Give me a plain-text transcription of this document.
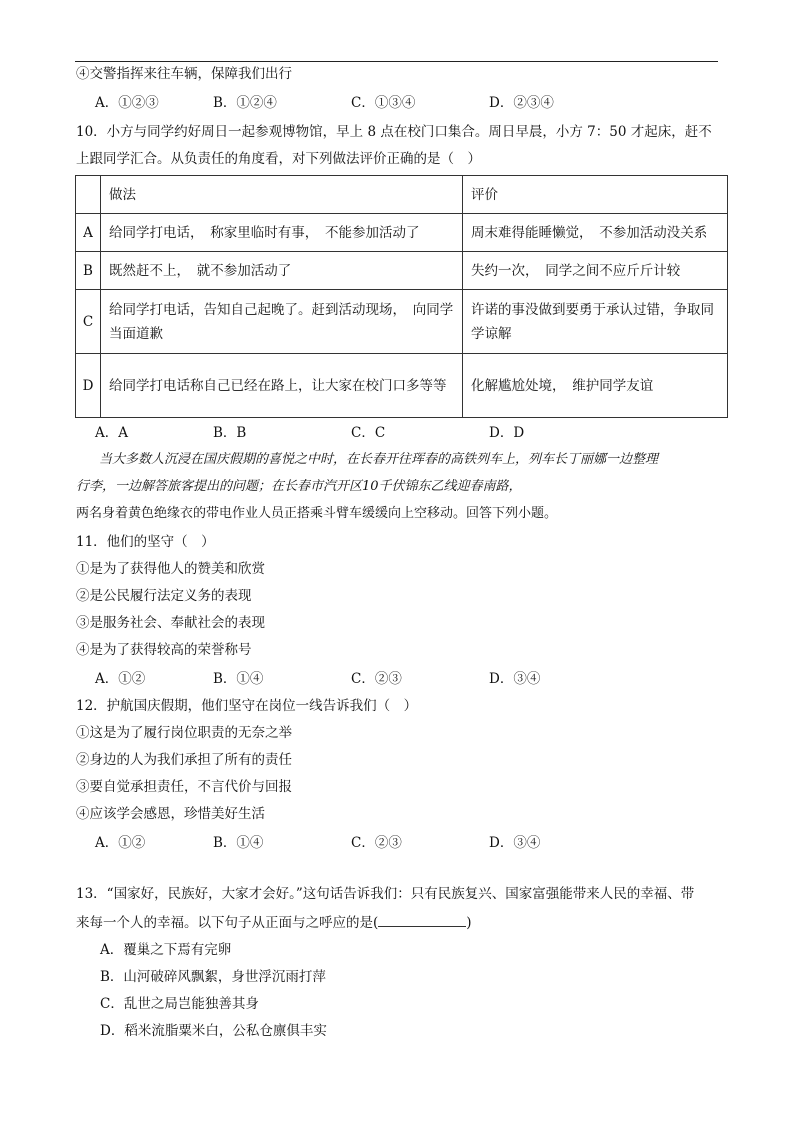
④交警指挥来往车辆，保障我们出行
A．①②③	B．①②④	C．①③④	D．②③④
10．小方与同学约好周日一起参观博物馆，早上 8 点在校门口集合。周日早晨，小方 7：50 才起床，赶不
上跟同学汇合。从负责任的角度看，对下列做法评价正确的是（　）
	做法	评价
A	给同学打电话，　称家里临时有事，　不能参加活动了	周末难得能睡懒觉，　不参加活动没关系
B	既然赶不上，　就不参加活动了	失约一次，　同学之间不应斤斤计较
C	给同学打电话，告知自己起晚了。赶到活动现场，　向同学当面道歉	许诺的事没做到要勇于承认过错，争取同学谅解
D	给同学打电话称自己已经在路上，让大家在校门口多等等	化解尴尬处境，　维护同学友谊
A．A	B．B	C．C	D．D
当大多数人沉浸在国庆假期的喜悦之中时，在长春开往珲春的高铁列车上，列车长丁丽娜一边整理
行李，一边解答旅客提出的问题；在长春市汽开区10千伏锦东乙线迎春南路，
两名身着黄色绝缘衣的带电作业人员正搭乘斗臂车缓缓向上空移动。回答下列小题。
11．他们的坚守（　）
①是为了获得他人的赞美和欣赏
②是公民履行法定义务的表现
③是服务社会、奉献社会的表现
④是为了获得较高的荣誉称号
A．①②	B．①④	C．②③	D．③④
12．护航国庆假期，他们坚守在岗位一线告诉我们（　）
①这是为了履行岗位职责的无奈之举
②身边的人为我们承担了所有的责任
③要自觉承担责任，不言代价与回报
④应该学会感恩，珍惜美好生活
A．①②	B．①④	C．②③	D．③④
13．“国家好，民族好，大家才会好。”这句话告诉我们：只有民族复兴、国家富强能带来人民的幸福、带
来每一个人的幸福。以下句子从正面与之呼应的是(	)
A．覆巢之下焉有完卵
B．山河破碎风飘絮，身世浮沉雨打萍
C．乱世之局岂能独善其身
D．稻米流脂粟米白，公私仓廪俱丰实
